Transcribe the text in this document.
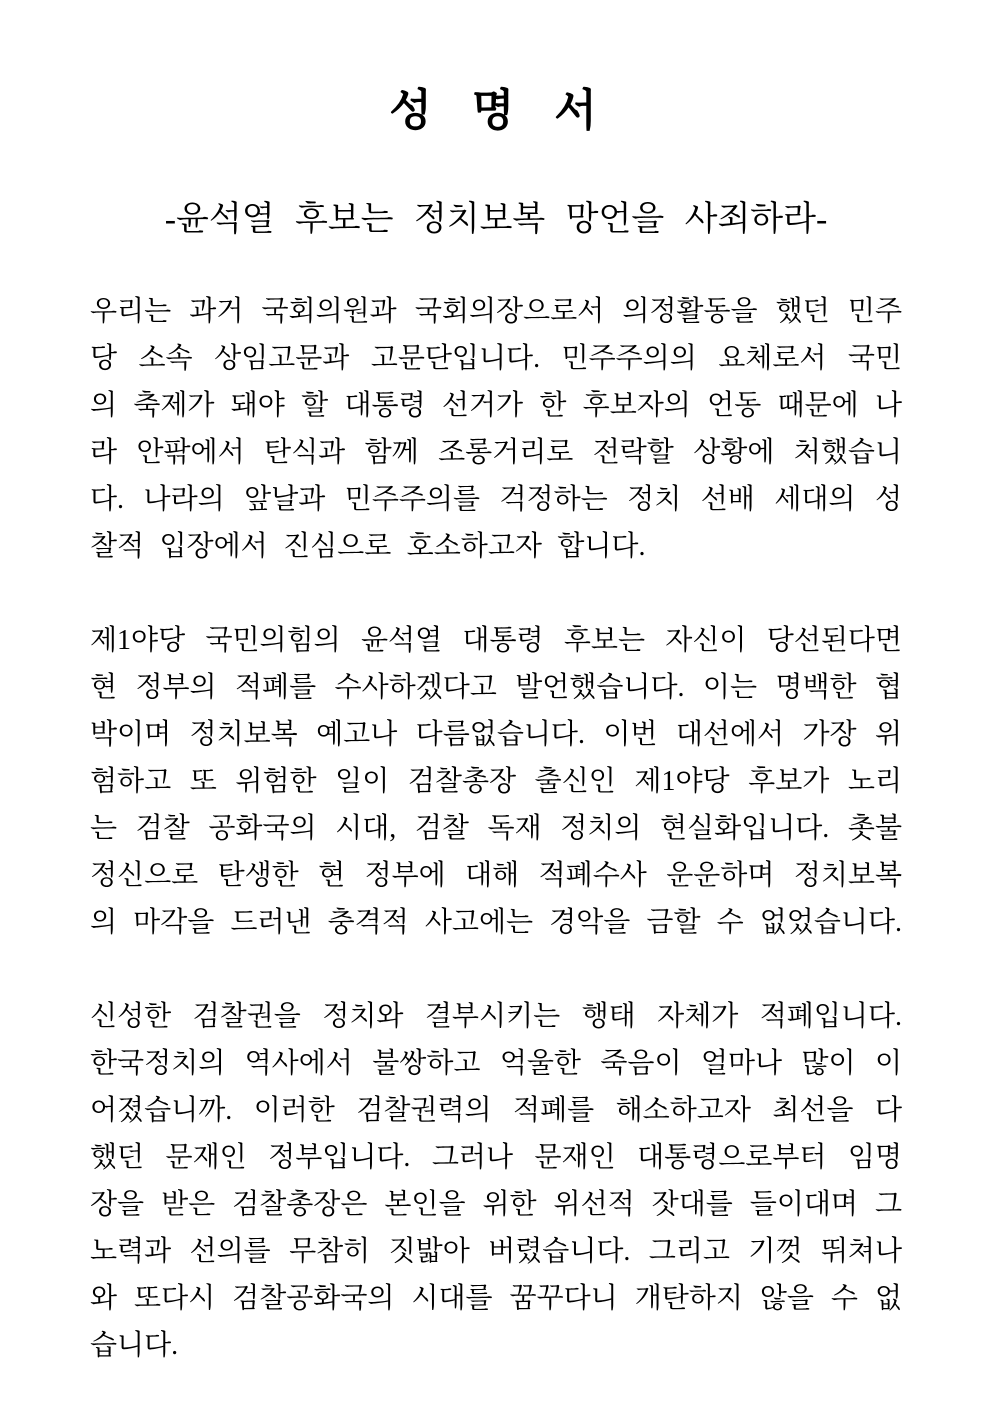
성  명  서
-윤석열 후보는 정치보복 망언을 사죄하라-
우리는 과거 국회의원과 국회의장으로서 의정활동을 했던 민주
당 소속 상임고문과 고문단입니다. 민주주의의 요체로서 국민
의 축제가 돼야 할 대통령 선거가 한 후보자의 언동 때문에 나
라 안팎에서 탄식과 함께 조롱거리로 전락할 상황에 처했습니
다. 나라의 앞날과 민주주의를 걱정하는 정치 선배 세대의 성
찰적 입장에서 진심으로 호소하고자 합니다.
제1야당 국민의힘의 윤석열 대통령 후보는 자신이 당선된다면
현 정부의 적폐를 수사하겠다고 발언했습니다. 이는 명백한 협
박이며 정치보복 예고나 다름없습니다. 이번 대선에서 가장 위
험하고 또 위험한 일이 검찰총장 출신인 제1야당 후보가 노리
는 검찰 공화국의 시대, 검찰 독재 정치의 현실화입니다. 촛불
정신으로 탄생한 현 정부에 대해 적폐수사 운운하며 정치보복
의 마각을 드러낸 충격적 사고에는 경악을 금할 수 없었습니다.
신성한 검찰권을 정치와 결부시키는 행태 자체가 적폐입니다.
한국정치의 역사에서 불쌍하고 억울한 죽음이 얼마나 많이 이
어졌습니까. 이러한 검찰권력의 적폐를 해소하고자 최선을 다
했던 문재인 정부입니다. 그러나 문재인 대통령으로부터 임명
장을 받은 검찰총장은 본인을 위한 위선적 잣대를 들이대며 그
노력과 선의를 무참히 짓밟아 버렸습니다. 그리고 기껏 뛰쳐나
와 또다시 검찰공화국의 시대를 꿈꾸다니 개탄하지 않을 수 없
습니다.
